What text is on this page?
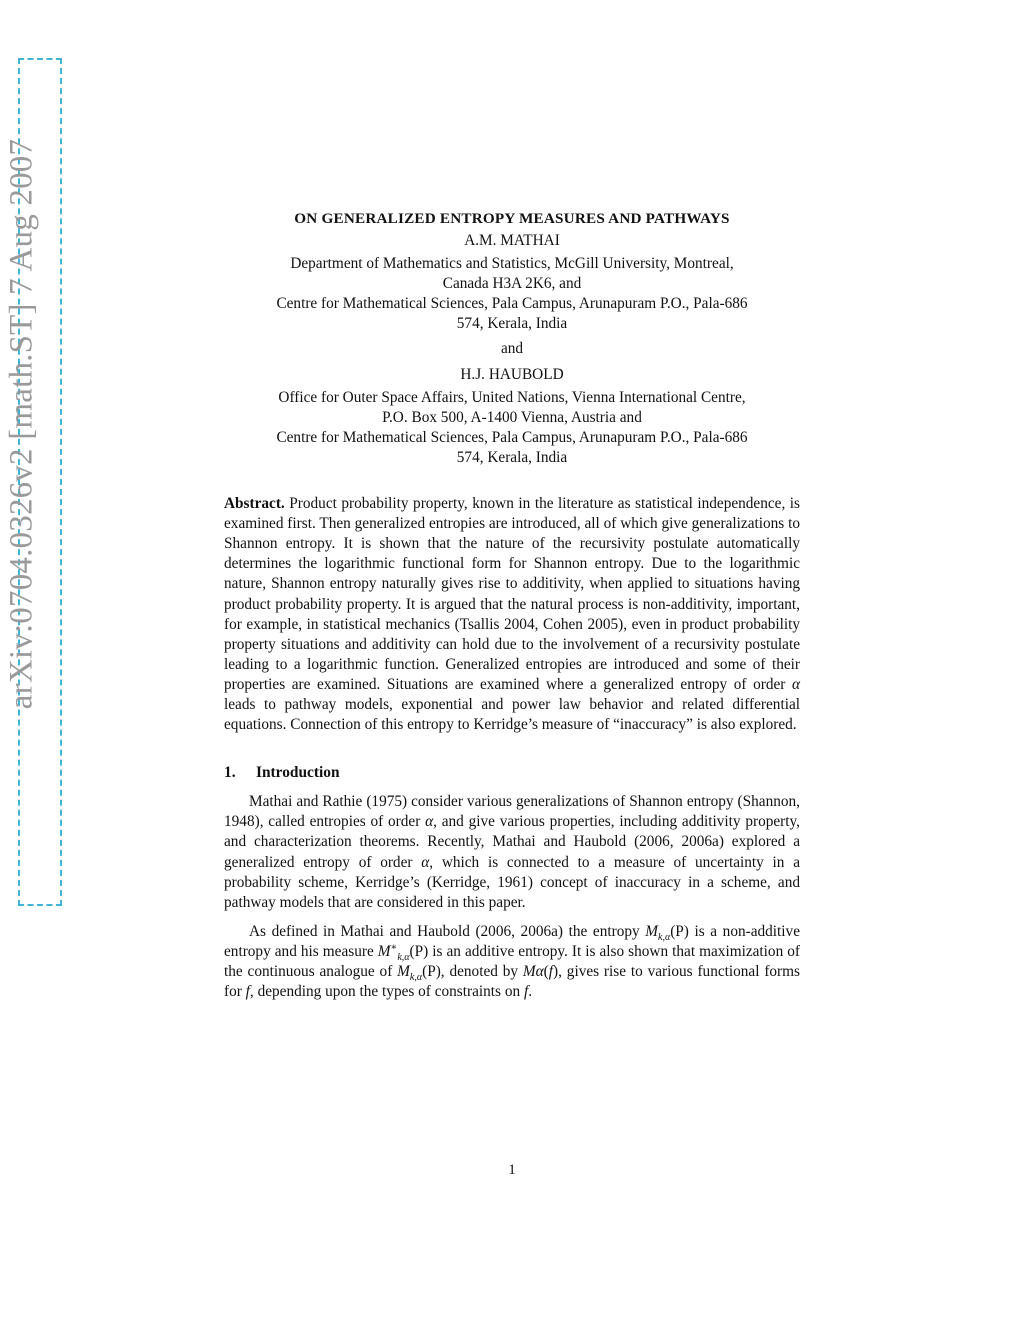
arXiv:0704.0326v2 [math.ST] 7 Aug 2007	ON GENERALIZED ENTROPY MEASURES AND PATHWAYS
A.M. MATHAI
Department of Mathematics and Statistics, McGill University, Montreal,
Canada H3A 2K6, and
Centre for Mathematical Sciences, Pala Campus, Arunapuram P.O., Pala-686
574, Kerala, India
and
H.J. HAUBOLD
Office for Outer Space Affairs, United Nations, Vienna International Centre,
P.O. Box 500, A-1400 Vienna, Austria and
Centre for Mathematical Sciences, Pala Campus, Arunapuram P.O., Pala-686
574, Kerala, India
Abstract. Product probability property, known in the literature as statistical independence, is examined first. Then generalized entropies are introduced, all of which give generalizations to Shannon entropy. It is shown that the nature of the recursivity postulate automatically determines the logarithmic functional form for Shannon entropy. Due to the logarithmic nature, Shannon entropy naturally gives rise to additivity, when applied to situations having product probability property. It is argued that the natural process is non-additivity, important, for example, in statistical mechanics (Tsallis 2004, Cohen 2005), even in product probability property situations and additivity can hold due to the involvement of a recursivity postulate leading to a logarithmic function. Generalized entropies are introduced and some of their properties are examined. Situations are examined where a generalized entropy of order α leads to pathway models, exponential and power law behavior and related differential equations. Connection of this entropy to Kerridge’s measure of “inaccuracy” is also explored.
1. Introduction

Mathai and Rathie (1975) consider various generalizations of Shannon entropy (Shannon, 1948), called entropies of order α, and give various properties, including additivity property, and characterization theorems. Recently, Mathai and Haubold (2006, 2006a) explored a generalized entropy of order α, which is connected to a measure of uncertainty in a probability scheme, Kerridge’s (Kerridge, 1961) concept of inaccuracy in a scheme, and pathway models that are considered in this paper.

As defined in Mathai and Haubold (2006, 2006a) the entropy $M_{k,\alpha}(P)$ is a non-additive entropy and his measure $M^∗_{k,\alpha}(P)$ is an additive entropy. It is also shown that maximization of the continuous analogue of $M_{k,\alpha}(P)$, denoted by Mα(f), gives rise to various functional forms for f, depending upon the types of constraints on f.

1
